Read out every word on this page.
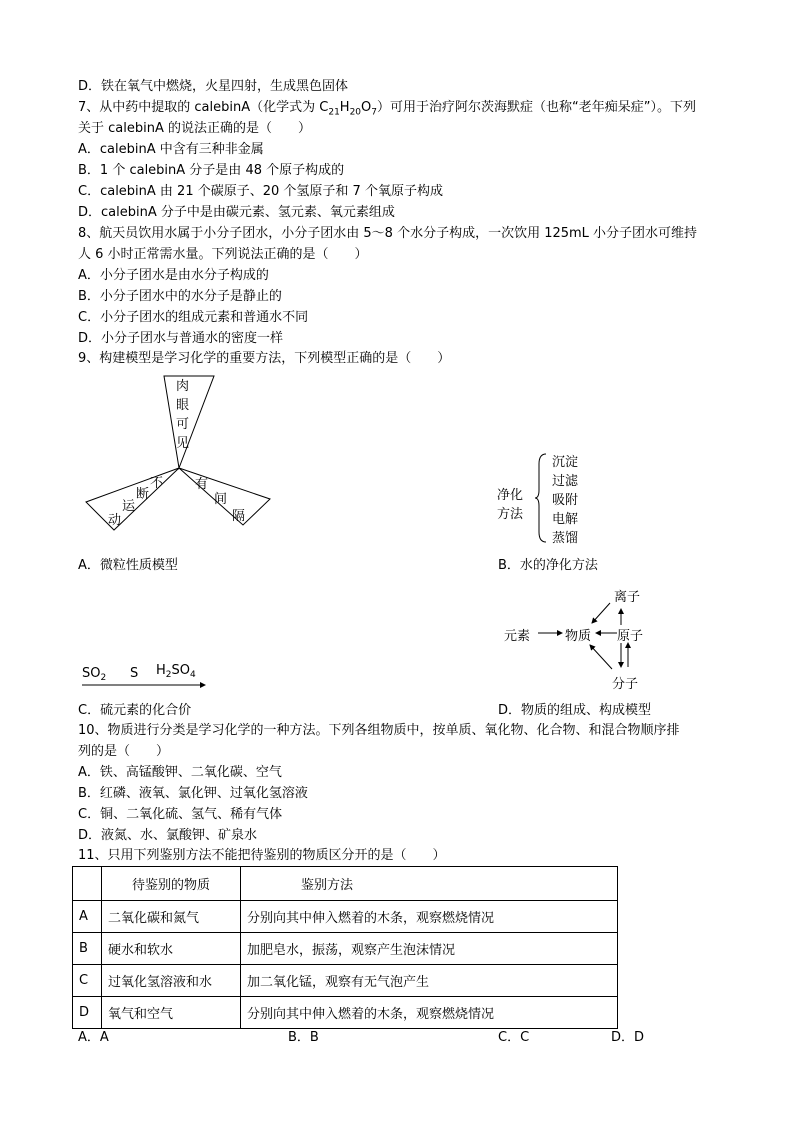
D．铁在氧气中燃烧，火星四射，生成黑色固体
7、从中药中提取的 calebinA（化学式为 $C_{21}H_{20}O_7$）可用于治疗阿尔茨海默症（也称“老年痴呆症”）。下列
关于 calebinA 的说法正确的是（　　）
A．calebinA 中含有三种非金属
B．1 个 calebinA 分子是由 48 个原子构成的
C．calebinA 由 21 个碳原子、20 个氢原子和 7 个氧原子构成
D．calebinA 分子中是由碳元素、氢元素、氧元素组成
8、航天员饮用水属于小分子团水，小分子团水由 5～8 个水分子构成，一次饮用 125mL 小分子团水可维持
人 6 小时正常需水量。下列说法正确的是（　　）
A．小分子团水是由水分子构成的
B．小分子团水中的水分子是静止的
C．小分子团水的组成元素和普通水不同
D．小分子团水与普通水的密度一样
9、构建模型是学习化学的重要方法，下列模型正确的是（　　）
肉
眼
可
见
不
断
运
动
有
间
隔
A．微粒性质模型
净化
方法
沉淀
过滤
吸附
电解
蒸馏
B．水的净化方法
$SO_2$ S $H_2SO_4$
C．硫元素的化合价
离子
元素	物质 原子
分子
D．物质的组成、构成模型
10、物质进行分类是学习化学的一种方法。下列各组物质中，按单质、氧化物、化合物、和混合物顺序排
列的是（　　）
A．铁、高锰酸钾、二氧化碳、空气
B．红磷、液氧、氯化钾、过氧化氢溶液
C．铜、二氧化硫、氢气、稀有气体
D．液氮、水、氯酸钾、矿泉水
11、只用下列鉴别方法不能把待鉴别的物质区分开的是（　　）
	待鉴别的物质	鉴别方法
A	二氧化碳和氮气	分别向其中伸入燃着的木条，观察燃烧情况
B	硬水和软水	加肥皂水，振荡，观察产生泡沫情况
C	过氧化氢溶液和水	加二氧化锰，观察有无气泡产生
D	氧气和空气	分别向其中伸入燃着的木条，观察燃烧情况
A．A	B．B	C．C	D．D
